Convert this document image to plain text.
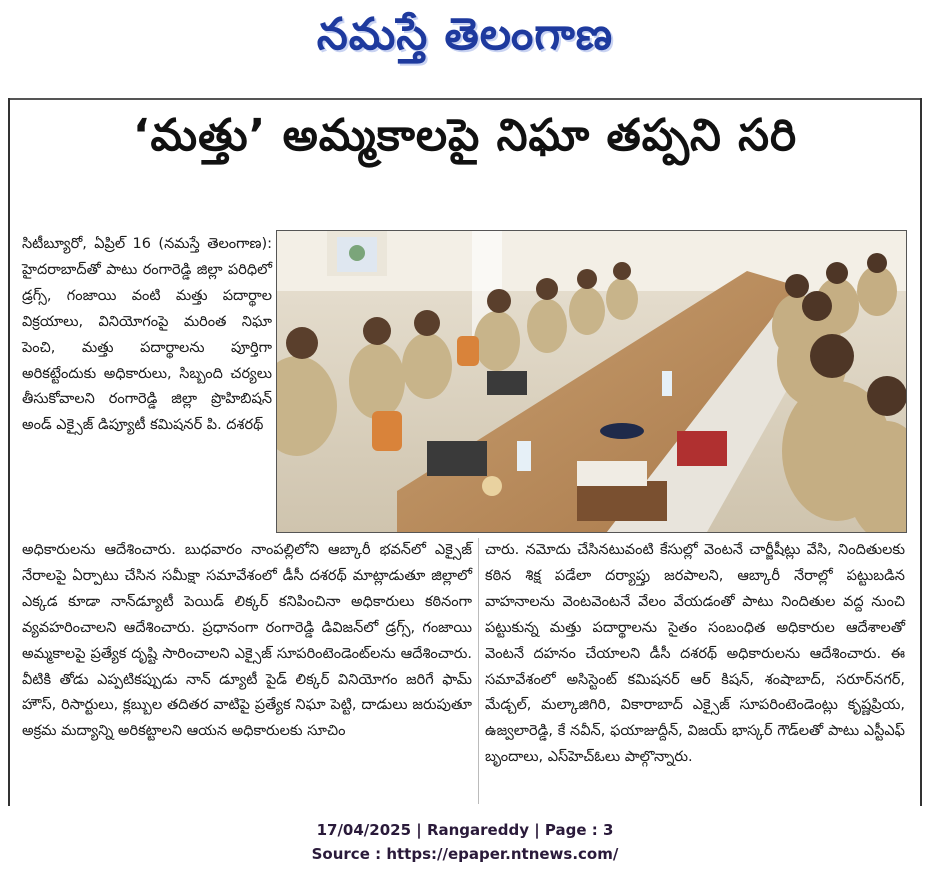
నమస్తే తెలంగాణ
‘మత్తు’ అమ్మకాలపై నిఘా తప్పని సరి

సిటీబ్యూరో, ఏప్రిల్ 16 (నమస్తే తెలంగాణ): హైదరాబాద్‌తో పాటు రంగారెడ్డి జిల్లా పరిధిలో డ్రగ్స్, గంజాయి వంటి మత్తు పదార్థాల విక్రయాలు, వినియోగంపై మరింత నిఘా పెంచి, మత్తు పదార్థాలను పూర్తిగా అరికట్టేందుకు అధికారులు, సిబ్బంది చర్యలు తీసుకోవాలని రంగారెడ్డి జిల్లా ప్రొహిబిషన్ అండ్ ఎక్సైజ్ డిప్యూటీ కమిషనర్ పి. దశరథ్

అధికారులను ఆదేశించారు. బుధవారం నాంపల్లిలోని ఆబ్కారీ భవన్‌లో ఎక్సైజ్ నేరాలపై ఏర్పాటు చేసిన సమీక్షా సమావేశంలో డీసీ దశరథ్ మాట్లాడుతూ జిల్లాలో ఎక్కడ కూడా నాన్‌డ్యూటీ పెయిడ్ లిక్కర్ కనిపించినా అధికారులు కఠినంగా వ్యవహరించాలని ఆదేశించారు. ప్రధానంగా రంగారెడ్డి డివిజన్‌లో డ్రగ్స్, గంజాయి అమ్మకాలపై ప్రత్యేక దృష్టి సారించాలని ఎక్సైజ్ సూపరింటెండెంట్‌లను ఆదేశించారు. వీటికి తోడు ఎప్పటికప్పుడు నాన్ డ్యూటీ పైడ్ లిక్కర్ వినియోగం జరిగే ఫామ్ హౌస్, రిసార్టులు, క్లబ్బుల తదితర వాటిపై ప్రత్యేక నిఘా పెట్టి, దాడులు జరుపుతూ అక్రమ మద్యాన్ని అరికట్టాలని ఆయన అధికారులకు సూచిం

చారు. నమోదు చేసినటువంటి కేసుల్లో వెంటనే చార్జీషీట్లు వేసి, నిందితులకు కఠిన శిక్ష పడేలా దర్యాప్తు జరపాలని, ఆబ్కారీ నేరాల్లో పట్టుబడిన వాహనాలను వెంటవెంటనే వేలం వేయడంతో పాటు నిందితుల వద్ద నుంచి పట్టుకున్న మత్తు పదార్థాలను సైతం సంబంధిత అధికారుల ఆదేశాలతో వెంటనే దహనం చేయాలని డీసీ దశరథ్ అధికారులను ఆదేశించారు. ఈ సమావేశంలో అసిస్టెంట్ కమిషనర్ ఆర్ కిషన్, శంషాబాద్, సరూర్‌నగర్, మేడ్చల్, మల్కాజిగిరి, వికారాబాద్ ఎక్సైజ్ సూపరింటెండెంట్లు కృష్ణప్రియ, ఉజ్వలారెడ్డి, కే నవీన్, ఫయాజుద్దీన్, విజయ్ భాస్కర్ గౌడ్‌లతో పాటు ఎస్టీఎఫ్ బృందాలు, ఎస్‌హెచ్‌ఓలు పాల్గొన్నారు.

17/04/2025 | Rangareddy | Page : 3
Source : https://epaper.ntnews.com/
